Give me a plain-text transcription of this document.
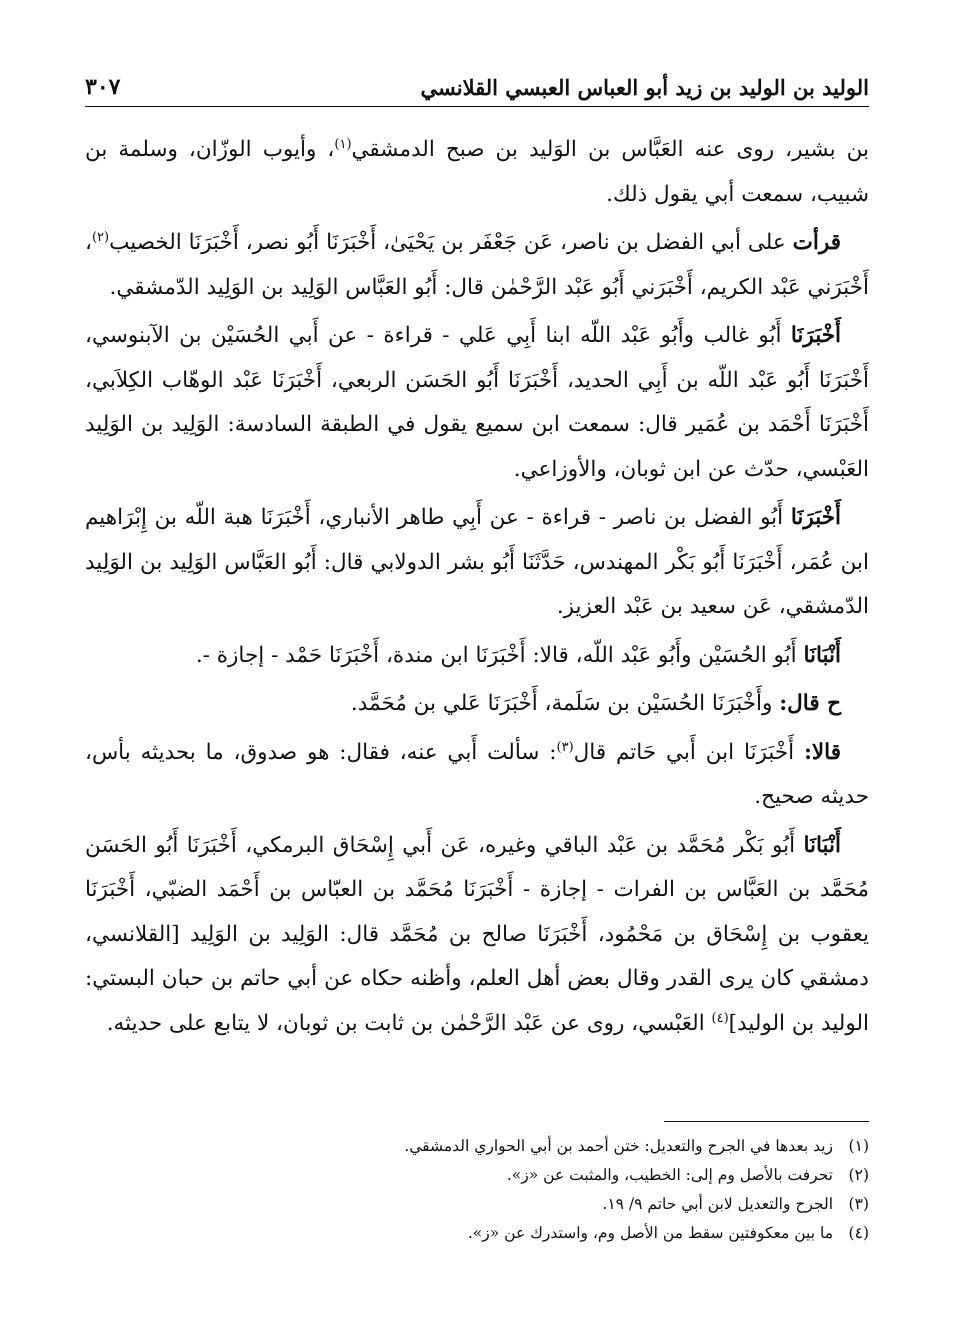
الوليد بن الوليد بن زيد أبو العباس العبسي القلانسي
٣٠٧

بن بشير، روى عنه العَبَّاس بن الوَليد بن صبح الدمشقي$^{(١)}$، وأيوب الوزّان، وسلمة بن شبيب، سمعت أبي يقول ذلك.

قرأت على أبي الفضل بن ناصر، عَن جَعْفَر بن يَحْيَىٰ، أَخْبَرَنَا أَبُو نصر، أَخْبَرَنَا الخصيب$^{(٢)}$، أَخْبَرَني عَبْد الكريم، أَخْبَرَني أَبُو عَبْد الرَّحْمٰن قال: أَبُو العَبَّاس الوَلِيد بن الوَلِيد الدّمشقي.

أَخْبَرَنَا أَبُو غالب وأَبُو عَبْد اللّه ابنا أَبِي عَلي - قراءة - عن أَبي الحُسَيْن بن الآبنوسي، أَخْبَرَنَا أَبُو عَبْد اللّه بن أَبِي الحديد، أَخْبَرَنَا أَبُو الحَسَن الربعي، أَخْبَرَنَا عَبْد الوهّاب الكِلاَبي، أَخْبَرَنَا أَحْمَد بن عُمَير قال: سمعت ابن سميع يقول في الطبقة السادسة: الوَلِيد بن الوَلِيد العَبْسي، حدّث عن ابن ثوبان، والأوزاعي.

أَخْبَرَنَا أَبُو الفضل بن ناصر - قراءة - عن أَبِي طاهر الأنباري، أَخْبَرَنَا هبة اللّه بن إِبْرَاهيم ابن عُمَر، أَخْبَرَنَا أَبُو بَكْر المهندس، حَدَّثَنَا أَبُو بشر الدولابي قال: أَبُو العَبَّاس الوَلِيد بن الوَلِيد الدّمشقي، عَن سعيد بن عَبْد العزيز.

أَنْبَانَا أَبُو الحُسَيْن وأَبُو عَبْد اللّه، قالا: أَخْبَرَنَا ابن مندة، أَخْبَرَنَا حَمْد - إجازة -.

ح قال: وأَخْبَرَنَا الحُسَيْن بن سَلَمة، أَخْبَرَنَا عَلي بن مُحَمَّد.

قالا: أَخْبَرَنَا ابن أَبي حَاتم قال$^{(٣)}$: سألت أَبي عنه، فقال: هو صدوق، ما بحديثه بأس، حديثه صحيح.

أَنْبَانَا أَبُو بَكْر مُحَمَّد بن عَبْد الباقي وغيره، عَن أَبي إِسْحَاق البرمكي، أَخْبَرَنَا أَبُو الحَسَن مُحَمَّد بن العَبَّاس بن الفرات - إجازة - أَخْبَرَنَا مُحَمَّد بن العبّاس بن أَحْمَد الضبّي، أَخْبَرَنَا يعقوب بن إِسْحَاق بن مَحْمُود، أَخْبَرَنَا صالح بن مُحَمَّد قال: الوَلِيد بن الوَلِيد [القلانسي، دمشقي كان يرى القدر وقال بعض أهل العلم، وأظنه حكاه عن أبي حاتم بن حبان البستي: الوليد بن الوليد]$^{(٤)}$ العَبْسي، روى عن عَبْد الرَّحْمٰن بن ثابت بن ثوبان، لا يتابع على حديثه.

(١)
زيد بعدها في الجرح والتعديل: ختن أحمد بن أبي الحواري الدمشقي.
(٢)
تحرفت بالأصل وم إلى: الخطيب، والمثبت عن «ز».
(٣)
الجرح والتعديل لابن أبي حاتم ٩/ ١٩.
(٤)
ما بين معكوفتين سقط من الأصل وم، واستدرك عن «ز».
